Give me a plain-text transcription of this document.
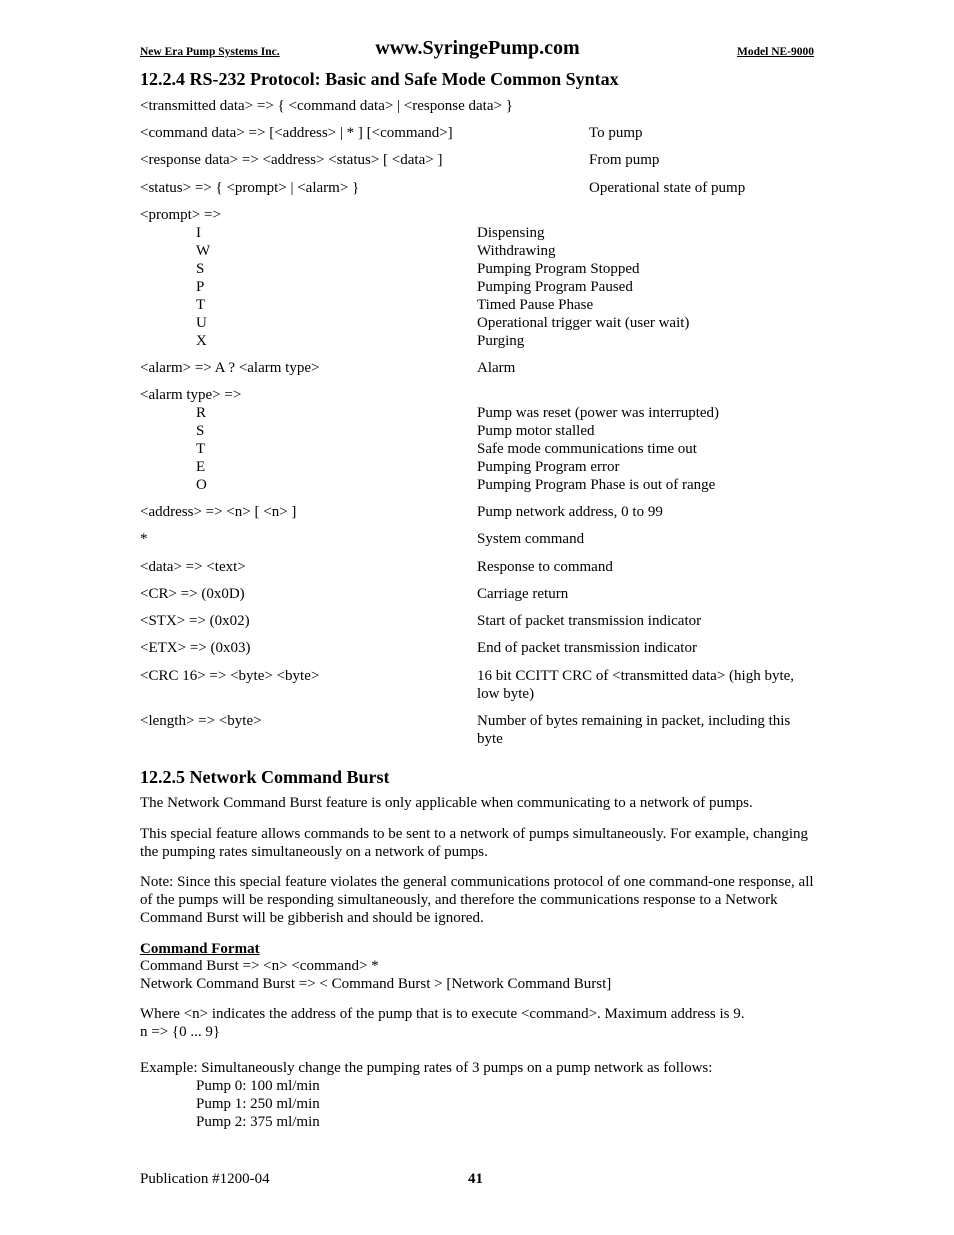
New Era Pump Systems Inc.	www.SyringePump.com	Model NE-9000
12.2.4 RS-232 Protocol: Basic and Safe Mode Common Syntax
<transmitted data> => { <command data> | <response data> }
<command data> => [<address> | * ] [<command>]	To pump
<response data> => <address> <status> [ <data> ]	From pump
<status> => { <prompt> | <alarm> }	Operational state of pump
<prompt> =>
I	Dispensing
W	Withdrawing
S	Pumping Program Stopped
P	Pumping Program Paused
T	Timed Pause Phase
U	Operational trigger wait (user wait)
X	Purging
<alarm> => A ? <alarm type>	Alarm
<alarm type> =>
R	Pump was reset (power was interrupted)
S	Pump motor stalled
T	Safe mode communications time out
E	Pumping Program error
O	Pumping Program Phase is out of range
<address> => <n> [ <n> ]	Pump network address, 0 to 99
*	System command
<data> => <text>	Response to command
<CR> => (0x0D)	Carriage return
<STX> => (0x02)	Start of packet transmission indicator
<ETX> => (0x03)	End of packet transmission indicator
<CRC 16> => <byte> <byte>	16 bit CCITT CRC of <transmitted data> (high byte, low byte)
<length> => <byte>	Number of bytes remaining in packet, including this byte
12.2.5 Network Command Burst
The Network Command Burst feature is only applicable when communicating to a network of pumps.
This special feature allows commands to be sent to a network of pumps simultaneously. For example, changing the pumping rates simultaneously on a network of pumps.
Note: Since this special feature violates the general communications protocol of one command-one response, all of the pumps will be responding simultaneously, and therefore the communications response to a Network Command Burst will be gibberish and should be ignored.
Command Format
Command Burst => <n> <command> *
Network Command Burst => < Command Burst > [Network Command Burst]
Where <n> indicates the address of the pump that is to execute <command>. Maximum address is 9.
n => {0 ... 9}
Example: Simultaneously change the pumping rates of 3 pumps on a pump network as follows:
Pump 0: 100 ml/min
Pump 1: 250 ml/min
Pump 2: 375 ml/min
Publication #1200-04	41
